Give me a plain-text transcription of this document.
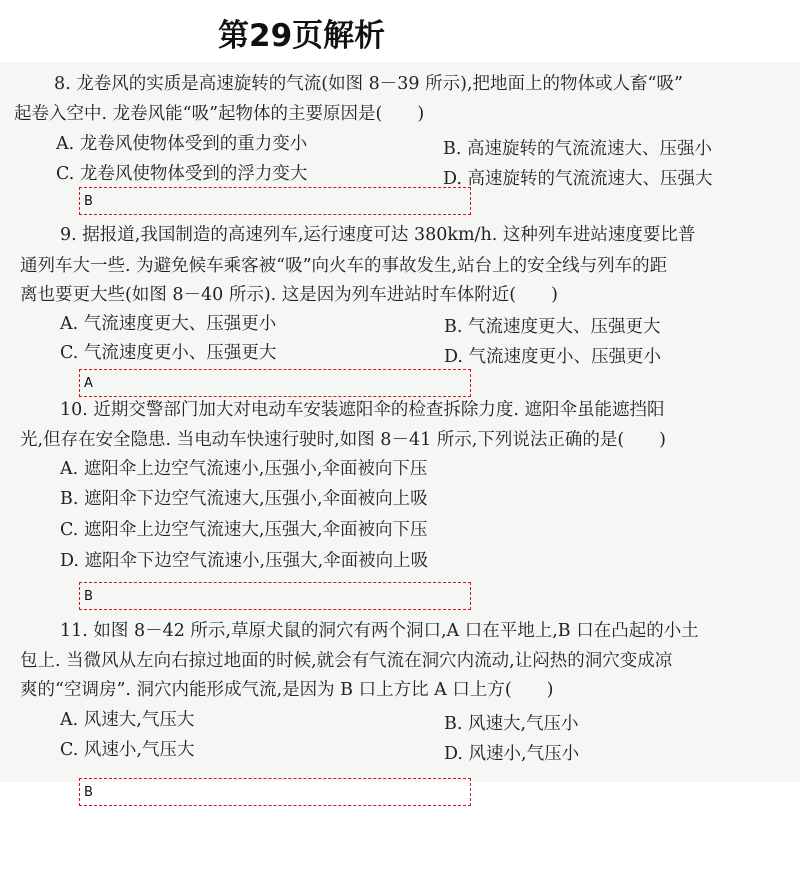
第29页解析
8. 龙卷风的实质是高速旋转的气流(如图 8－39 所示),把地面上的物体或人畜“吸”
起卷入空中. 龙卷风能“吸”起物体的主要原因是(　　)
A. 龙卷风使物体受到的重力变小	B. 高速旋转的气流流速大、压强小
C. 龙卷风使物体受到的浮力变大	D. 高速旋转的气流流速大、压强大
B
9. 据报道,我国制造的高速列车,运行速度可达 380km/h. 这种列车进站速度要比普
通列车大一些. 为避免候车乘客被“吸”向火车的事故发生,站台上的安全线与列车的距
离也要更大些(如图 8－40 所示). 这是因为列车进站时车体附近(　　)
A. 气流速度更大、压强更小	B. 气流速度更大、压强更大
C. 气流速度更小、压强更大	D. 气流速度更小、压强更小
A
10. 近期交警部门加大对电动车安装遮阳伞的检查拆除力度. 遮阳伞虽能遮挡阳
光,但存在安全隐患. 当电动车快速行驶时,如图 8－41 所示,下列说法正确的是(　　)
A. 遮阳伞上边空气流速小,压强小,伞面被向下压
B. 遮阳伞下边空气流速大,压强小,伞面被向上吸
C. 遮阳伞上边空气流速大,压强大,伞面被向下压
D. 遮阳伞下边空气流速小,压强大,伞面被向上吸
B
11. 如图 8－42 所示,草原犬鼠的洞穴有两个洞口,A 口在平地上,B 口在凸起的小土
包上. 当微风从左向右掠过地面的时候,就会有气流在洞穴内流动,让闷热的洞穴变成凉
爽的“空调房”. 洞穴内能形成气流,是因为 B 口上方比 A 口上方(　　)
A. 风速大,气压大	B. 风速大,气压小
C. 风速小,气压大	D. 风速小,气压小
B
